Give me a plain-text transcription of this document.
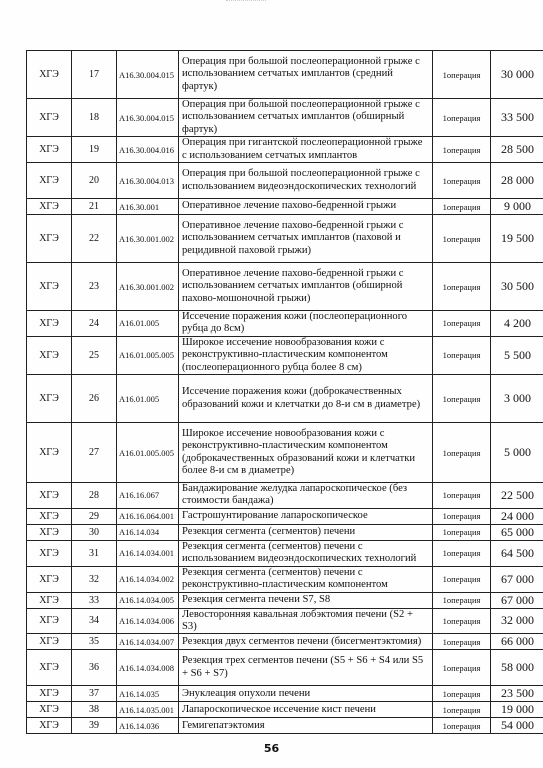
ХГЭ	17	A16.30.004.015	Операция при большой послеоперационной грыже с использованием сетчатых имплантов (средний фартук)	1операция	30 000
ХГЭ	18	A16.30.004.015	Операция при большой послеоперационной грыже с использованием сетчатых имплантов (обширный фартук)	1операция	33 500
ХГЭ	19	A16.30.004.016	Операция при гигантской послеоперационной грыже с использованием сетчатых имплантов	1операция	28 500
ХГЭ	20	A16.30.004.013	Операция при большой послеоперационной грыже с использованием видеоэндоскопических технологий	1операция	28 000
ХГЭ	21	A16.30.001	Оперативное лечение пахово-бедренной грыжи	1операция	9 000
ХГЭ	22	A16.30.001.002	Оперативное лечение пахово-бедренной грыжи с использованием сетчатых имплантов (паховой и рецидивной паховой грыжи)	1операция	19 500
ХГЭ	23	A16.30.001.002	Оперативное лечение пахово-бедренной грыжи с использованием сетчатых имплантов (обширной пахово-мошоночной грыжи)	1операция	30 500
ХГЭ	24	A16.01.005	Иссечение поражения кожи (послеоперационного рубца до 8см)	1операция	4 200
ХГЭ	25	A16.01.005.005	Широкое иссечение новообразования кожи с реконструктивно-пластическим компонентом (послеоперационного рубца более 8 см)	1операция	5 500
ХГЭ	26	A16.01.005	Иссечение поражения кожи (доброкачественных образований кожи и клетчатки до 8-и см в диаметре)	1операция	3 000
ХГЭ	27	A16.01.005.005	Широкое иссечение новообразования кожи с реконструктивно-пластическим компонентом (доброкачественных образований кожи и клетчатки более 8-и см в диаметре)	1операция	5 000
ХГЭ	28	A16.16.067	Бандажирование желудка лапароскопическое (без стоимости бандажа)	1операция	22 500
ХГЭ	29	A16.16.064.001	Гастрошунтирование лапароскопическое	1операция	24 000
ХГЭ	30	A16.14.034	Резекция сегмента (сегментов) печени	1операция	65 000
ХГЭ	31	A16.14.034.001	Резекция сегмента (сегментов) печени с использованием видеоэндоскопических технологий	1операция	64 500
ХГЭ	32	A16.14.034.002	Резекция сегмента (сегментов) печени с реконструктивно-пластическим компонентом	1операция	67 000
ХГЭ	33	A16.14.034.005	Резекция сегмента печени S7, S8	1операция	67 000
ХГЭ	34	A16.14.034.006	Левосторонняя кавальная лобэктомия печени (S2 + S3)	1операция	32 000
ХГЭ	35	A16.14.034.007	Резекция двух сегментов печени (бисегментэктомия)	1операция	66 000
ХГЭ	36	A16.14.034.008	Резекция трех сегментов печени (S5 + S6 + S4 или S5 + S6 + S7)	1операция	58 000
ХГЭ	37	A16.14.035	Энуклеация опухоли печени	1операция	23 500
ХГЭ	38	A16.14.035.001	Лапароскопическое иссечение кист печени	1операция	19 000
ХГЭ	39	A16.14.036	Гемигепатэктомия	1операция	54 000
56
